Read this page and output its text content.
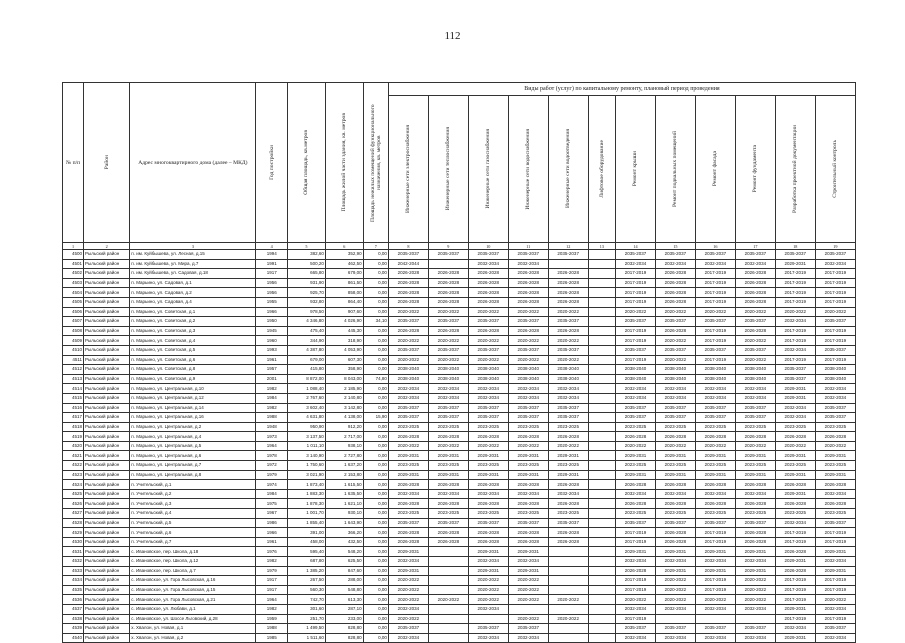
112
№ п/п	Район	Адрес многоквартирного дома (далее – МКД)	Год постройки	Общая площадь, кв.метров	Площадь жилой части здания, кв. метров	Площадь нежилых помещений функционального назначения, кв. метров	Виды работ (услуг) по капитальному ремонту, плановый период проведения											

							Инженерные сети электроснабжения	Инженерные сети теплоснабжения	Инженерные сети газоснабжения	Инженерные сети водоснабжения	Инженерные сети водоотведения	Лифтовое оборудование	Ремонт крыши	Ремонт подвальных помещений	Ремонт фасада	Ремонт фундамента	Разработка проектной документации	Строительный контроль

1	2	3	4	5	6	7	8	9	10	11	12	13	14	15	16	17	18	19
4500	Рыльский район	п. им. Куйбышева, ул. Лесная, д.15	1994	382,60	352,90	0,00	2035-2037	2035-2037	2035-2037	2035-2037	2035-2037		2035-2037	2035-2037	2035-2037	2035-2037	2035-2037	2035-2037
4501	Рыльский район	п. им. Куйбышева, ул. Мира, д.7	1991	500,20	462,50	0,00	2042-2044		2032-2034	2032-2034			2032-2034	2032-2034	2032-2034	2032-2034	2029-2031	2032-2034
4502	Рыльский район	п. им. Куйбышева, ул. Садовая, д.18	1917	665,80	679,00	0,00	2026-2028	2026-2028	2026-2028	2026-2028	2026-2028		2017-2019	2026-2028	2017-2019	2026-2028	2017-2019	2017-2019
4503	Рыльский район	п. Марьино, ул. Садовая, д.1	1956	931,90	861,50	0,00	2026-2028	2026-2028	2026-2028	2026-2028	2026-2028		2017-2019	2026-2028	2017-2019	2026-2028	2017-2019	2017-2019
4504	Рыльский район	п. Марьино, ул. Садовая, д.2	1956	925,70	858,00	0,00	2026-2028	2026-2028	2026-2028	2026-2028	2026-2028		2017-2019	2026-2028	2017-2019	2026-2028	2017-2019	2017-2019
4505	Рыльский район	п. Марьино, ул. Садовая, д.4	1955	932,80	864,40	0,00	2026-2028	2026-2028	2026-2028	2026-2028	2026-2028		2017-2019	2026-2028	2017-2019	2026-2028	2017-2019	2017-2019
4506	Рыльский район	п. Марьино, ул. Советская, д.1	1966	978,50	907,60	0,00	2020-2022	2020-2022	2020-2022	2020-2022	2020-2022		2020-2022	2020-2022	2020-2022	2020-2022	2020-2022	2020-2022
4507	Рыльский район	п. Марьино, ул. Советская, д.2	1950	4 346,80	4 026,90	34,10	2035-2037	2035-2037	2035-2037	2035-2037	2035-2037		2035-2037	2035-2037	2035-2037	2035-2037	2032-2034	2035-2037
4508	Рыльский район	п. Марьино, ул. Советская, д.3	1945	475,40	445,30	0,00	2026-2028	2026-2028	2026-2028	2026-2028	2026-2028		2017-2019	2026-2028	2017-2019	2026-2028	2017-2019	2017-2019
4509	Рыльский район	п. Марьино, ул. Советская, д.4	1960	344,90	318,90	0,00	2020-2022	2020-2022	2020-2022	2020-2022	2020-2022		2017-2019	2020-2022	2017-2019	2020-2022	2017-2019	2017-2019
4510	Рыльский район	п. Марьино, ул. Советская, д.5	1993	4 387,80	4 053,90	0,00	2035-2037	2035-2037	2035-2037	2035-2037	2035-2037		2035-2037	2035-2037	2035-2037	2035-2037	2032-2034	2035-2037
4511	Рыльский район	п. Марьино, ул. Советская, д.6	1961	679,00	607,30	0,00	2020-2022	2020-2022	2020-2022	2020-2022	2020-2022		2017-2019	2020-2022	2017-2019	2020-2022	2017-2019	2017-2019
4512	Рыльский район	п. Марьино, ул. Советская, д.8	1957	415,80	358,90	0,00	2038-2040	2038-2040	2038-2040	2038-2040	2038-2040		2038-2040	2038-2040	2038-2040	2038-2040	2035-2037	2038-2040
4513	Рыльский район	п. Марьино, ул. Советская, д.9	2001	8 872,00	8 043,00	74,80	2038-2040	2038-2040	2038-2040	2038-2040	2038-2040		2038-2040	2038-2040	2038-2040	2038-2040	2035-2037	2038-2040
4514	Рыльский район	п. Марьино, ул. Центральная, д.10	1982	1 088,40	2 185,90	0,00	2032-2034	2032-2034	2032-2034	2032-2034	2032-2034		2032-2034	2032-2034	2032-2034	2032-2034	2029-2031	2032-2034
4515	Рыльский район	п. Марьино, ул. Центральная, д.12	1984	2 767,60	2 140,80	0,00	2032-2034	2032-2034	2032-2034	2032-2034	2032-2034		2032-2034	2032-2034	2032-2034	2032-2034	2029-2031	2032-2034
4516	Рыльский район	п. Марьино, ул. Центральная, д.14	1982	3 602,40	3 142,80	0,00	2035-2037	2035-2037	2035-2037	2035-2037	2035-2037		2035-2037	2035-2037	2035-2037	2035-2037	2032-2034	2035-2037
4517	Рыльский район	п. Марьино, ул. Центральная, д.16	1988	4 631,80	4 138,00	15,90	2035-2037	2035-2037	2035-2037	2035-2037	2035-2037		2035-2037	2035-2037	2035-2037	2035-2037	2032-2034	2035-2037
4518	Рыльский район	п. Марьино, ул. Центральная, д.2	1948	950,90	912,20	0,00	2023-2025	2023-2025	2023-2025	2023-2025	2023-2025		2023-2025	2023-2025	2023-2025	2023-2025	2023-2025	2023-2025
4519	Рыльский район	п. Марьино, ул. Центральная, д.4	1973	3 137,50	2 717,00	0,00	2026-2028	2026-2028	2026-2028	2026-2028	2026-2028		2026-2028	2026-2028	2026-2028	2026-2028	2026-2028	2026-2028
4520	Рыльский район	п. Марьино, ул. Центральная, д.5	1964	1 011,10	938,10	0,00	2020-2022	2020-2022	2020-2022	2020-2022	2020-2022		2020-2022	2020-2022	2020-2022	2020-2022	2020-2022	2020-2022
4521	Рыльский район	п. Марьино, ул. Центральная, д.6	1978	3 140,90	2 727,80	0,00	2029-2031	2029-2031	2029-2031	2029-2031	2029-2031		2029-2031	2029-2031	2029-2031	2029-2031	2029-2031	2029-2031
4522	Рыльский район	п. Марьино, ул. Центральная, д.7	1972	1 750,60	1 637,20	0,00	2023-2025	2023-2025	2023-2025	2023-2025	2023-2025		2023-2025	2023-2025	2023-2025	2023-2025	2023-2025	2023-2025
4523	Рыльский район	п. Марьино, ул. Центральная, д.8	1979	3 021,90	2 153,80	0,00	2029-2031	2029-2031	2029-2031	2029-2031	2029-2031		2029-2031	2029-2031	2029-2031	2029-2031	2029-2031	2029-2031
4524	Рыльский район	п. Учительский, д.1	1974	1 873,40	1 615,50	0,00	2026-2028	2026-2028	2026-2028	2026-2028	2026-2028		2026-2028	2026-2028	2026-2028	2026-2028	2026-2028	2026-2028
4525	Рыльский район	п. Учительский, д.2	1984	1 883,30	1 635,50	0,00	2032-2034	2032-2034	2032-2034	2032-2034	2032-2034		2032-2034	2032-2034	2032-2034	2032-2034	2029-2031	2032-2034
4526	Рыльский район	п. Учительский, д.3	1975	1 878,30	1 621,10	0,00	2026-2028	2026-2028	2026-2028	2026-2028	2026-2028		2026-2028	2026-2028	2026-2028	2026-2028	2026-2028	2026-2028
4527	Рыльский район	п. Учительский, д.4	1967	1 001,70	930,10	0,00	2023-2025	2023-2025	2023-2025	2023-2025	2023-2025		2023-2025	2023-2025	2023-2025	2023-2025	2023-2025	2023-2025
4528	Рыльский район	п. Учительский, д.5	1986	1 855,40	1 643,90	0,00	2035-2037	2035-2037	2035-2037	2035-2037	2035-2037		2035-2037	2035-2037	2035-2037	2035-2037	2032-2034	2035-2037
4529	Рыльский район	п. Учительский, д.6	1966	391,00	366,20	0,00	2026-2028	2026-2028	2026-2028	2026-2028	2026-2028		2017-2019	2026-2028	2017-2019	2026-2028	2017-2019	2017-2019
4530	Рыльский район	п. Учительский, д.7	1961	458,00	432,50	0,00	2026-2028	2026-2028	2026-2028	2026-2028	2026-2028		2017-2019	2026-2028	2017-2019	2026-2028	2017-2019	2017-2019
4531	Рыльский район	с. Ивановское, пер. Школа, д.18	1976	595,40	548,20	0,00	2029-2031		2029-2031	2029-2031			2029-2031	2029-2031	2029-2031	2029-2031	2026-2028	2029-2031
4532	Рыльский район	с. Ивановское, пер. Школа, д.12	1982	687,80	625,50	0,00	2032-2034		2032-2034	2032-2034			2032-2034	2032-2034	2032-2034	2032-2034	2029-2031	2032-2034
4533	Рыльский район	с. Ивановское, пер. Школа, д.7	1979	1 385,20	847,60	0,00	2029-2031		2029-2031	2029-2031			2026-2028	2029-2031	2029-2031	2029-2031	2026-2028	2029-2031
4534	Рыльский район	с. Ивановское, ул. Гора Лысовская, д.16	1917	267,50	288,00	0,00	2020-2022		2020-2022	2020-2022			2017-2019	2020-2022	2017-2019	2020-2022	2017-2019	2017-2019
4535	Рыльский район	с. Ивановское, ул. Гора Лысовская, д.15	1917	560,30	548,80	0,00	2020-2022		2020-2022	2020-2022			2017-2019	2020-2022	2017-2019	2020-2022	2017-2019	2017-2019
4536	Рыльский район	с. Ивановское, ул. Гора Лысовская, д.21	1964	742,70	613,30	0,00	2020-2022	2020-2022	2020-2022	2020-2022	2020-2022		2020-2022	2020-2022	2020-2022	2020-2022	2017-2019	2020-2022
4537	Рыльский район	с. Ивановское, ул. Любави, д.1	1982	301,60	287,10	0,00	2032-2034		2032-2034				2032-2034	2032-2034	2032-2034	2032-2034	2029-2031	2032-2034
4538	Рыльский район	с. Ивановское, ул. Шоссе Льговский, д.28	1959	251,70	233,00	0,00	2020-2022			2020-2022	2020-2022		2017-2019				2017-2019	2017-2019
4539	Рыльский район	х. Хвалон, ул. Новая, д.1	1988	1 499,50	828,80	0,00	2035-2037		2035-2037	2035-2037			2035-2037	2035-2037	2035-2037	2035-2037	2032-2034	2035-2037
4540	Рыльский район	х. Хвалон, ул. Новая, д.2	1985	1 511,60	828,80	0,00	2032-2034		2032-2034	2032-2034			2032-2034	2032-2034	2032-2034	2032-2034	2029-2031	2032-2034
